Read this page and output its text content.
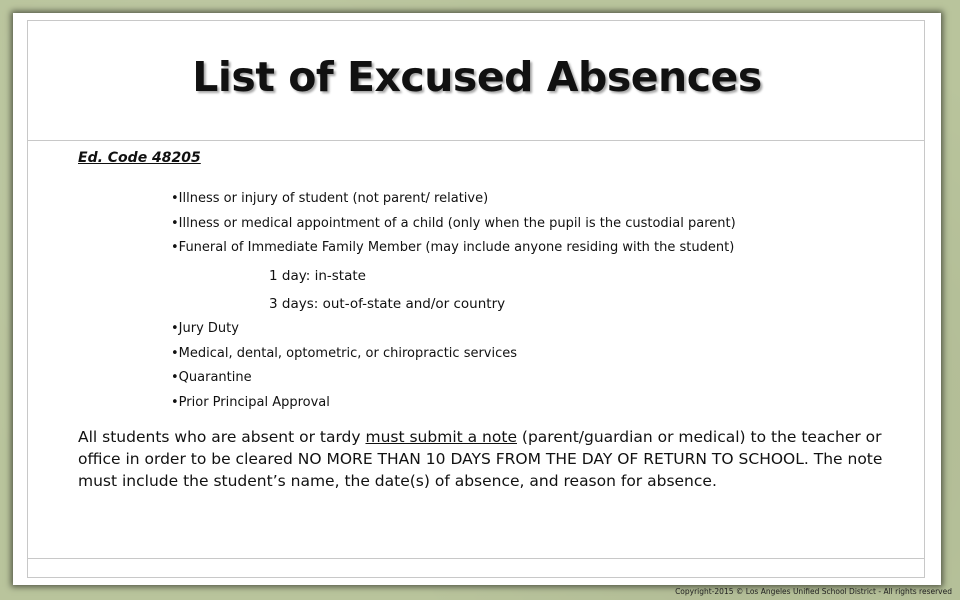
List of Excused Absences
Ed. Code 48205
•Illness or injury of student (not parent/ relative)
•Illness or medical appointment of a child (only when the pupil is the custodial parent)
•Funeral of Immediate Family Member (may include anyone residing with the student)
1 day: in-state
3 days: out-of-state and/or country
•Jury Duty
•Medical, dental, optometric, or chiropractic services
•Quarantine
•Prior Principal Approval

All students who are absent or tardy must submit a note (parent/guardian or medical) to the teacher or office in order to be cleared NO MORE THAN 10 DAYS FROM THE DAY OF RETURN TO SCHOOL. The note must include the student’s name, the date(s) of absence, and reason for absence.

Copyright-2015 © Los Angeles Unified School District - All rights reserved
